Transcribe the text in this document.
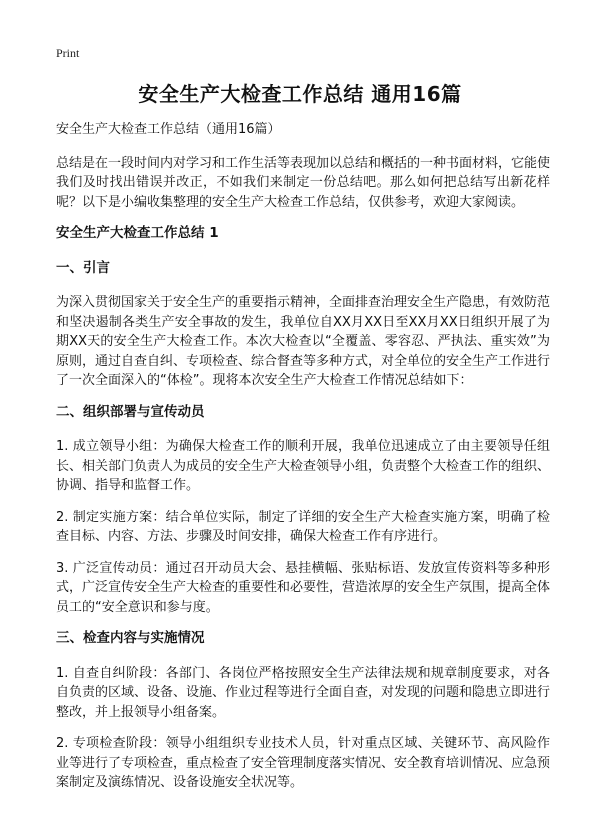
Print
安全生产大检查工作总结 通用16篇
安全生产大检查工作总结（通用16篇）

总结是在一段时间内对学习和工作生活等表现加以总结和概括的一种书面材料，它能使我们及时找出错误并改正，不如我们来制定一份总结吧。那么如何把总结写出新花样呢？以下是小编收集整理的安全生产大检查工作总结，仅供参考，欢迎大家阅读。

安全生产大检查工作总结 1
一、引言

为深入贯彻国家关于安全生产的重要指示精神，全面排查治理安全生产隐患，有效防范和坚决遏制各类生产安全事故的发生，我单位自XX月XX日至XX月XX日组织开展了为期XX天的安全生产大检查工作。本次大检查以“全覆盖、零容忍、严执法、重实效”为原则，通过自查自纠、专项检查、综合督查等多种方式，对全单位的安全生产工作进行了一次全面深入的“体检”。现将本次安全生产大检查工作情况总结如下：

二、组织部署与宣传动员

1. 成立领导小组：为确保大检查工作的顺利开展，我单位迅速成立了由主要领导任组长、相关部门负责人为成员的安全生产大检查领导小组，负责整个大检查工作的组织、协调、指导和监督工作。

2. 制定实施方案：结合单位实际，制定了详细的安全生产大检查实施方案，明确了检查目标、内容、方法、步骤及时间安排，确保大检查工作有序进行。

3. 广泛宣传动员：通过召开动员大会、悬挂横幅、张贴标语、发放宣传资料等多种形式，广泛宣传安全生产大检查的重要性和必要性，营造浓厚的安全生产氛围，提高全体员工的“安全意识和参与度。

三、检查内容与实施情况

1. 自查自纠阶段：各部门、各岗位严格按照安全生产法律法规和规章制度要求，对各自负责的区域、设备、设施、作业过程等进行全面自查，对发现的问题和隐患立即进行整改，并上报领导小组备案。

2. 专项检查阶段：领导小组组织专业技术人员，针对重点区域、关键环节、高风险作业等进行了专项检查，重点检查了安全管理制度落实情况、安全教育培训情况、应急预案制定及演练情况、设备设施安全状况等。
